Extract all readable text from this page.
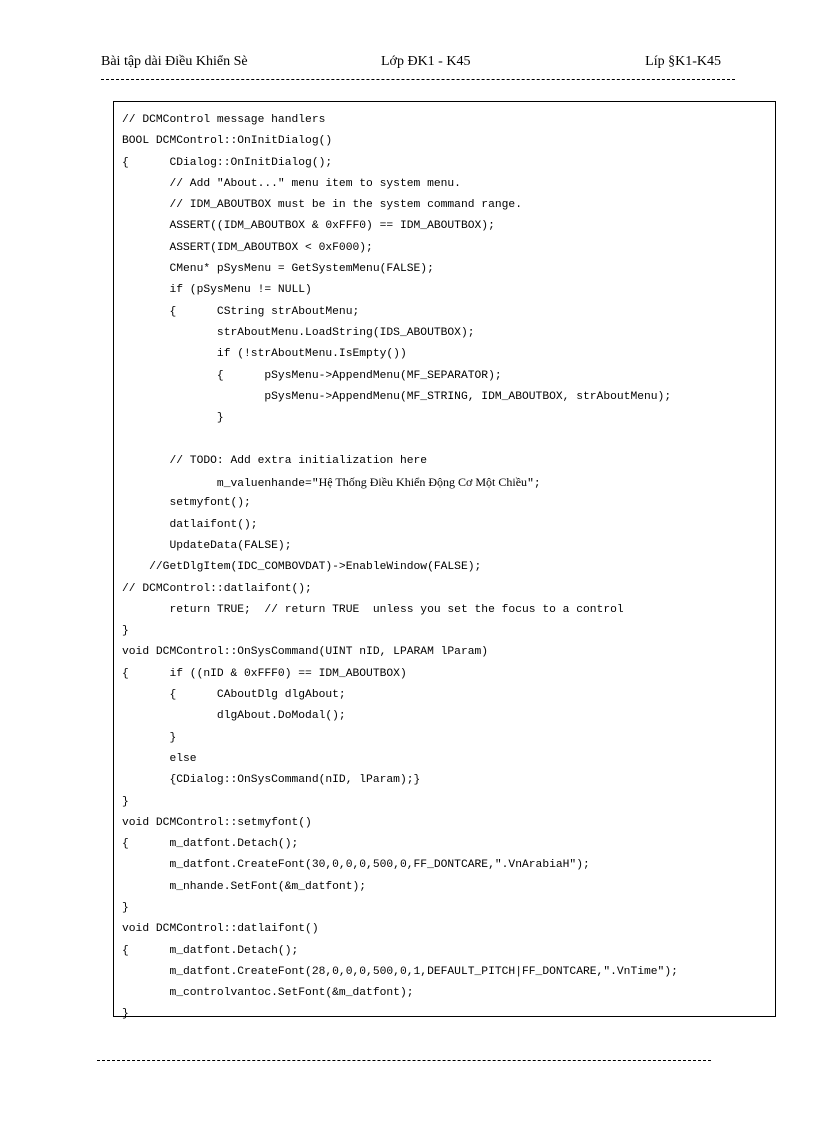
Bài tập dài Điều Khiển Sè	Lớp ĐK1 - K45	Líp §K1-K45
// DCMControl message handlers
BOOL DCMControl::OnInitDialog()
{      CDialog::OnInitDialog();
// Add "About..." menu item to system menu.
// IDM_ABOUTBOX must be in the system command range.
ASSERT((IDM_ABOUTBOX & 0xFFF0) == IDM_ABOUTBOX);
ASSERT(IDM_ABOUTBOX < 0xF000);
CMenu* pSysMenu = GetSystemMenu(FALSE);
if (pSysMenu != NULL)
{      CString strAboutMenu;
strAboutMenu.LoadString(IDS_ABOUTBOX);
if (!strAboutMenu.IsEmpty())
{      pSysMenu->AppendMenu(MF_SEPARATOR);
pSysMenu->AppendMenu(MF_STRING, IDM_ABOUTBOX, strAboutMenu);
}
// TODO: Add extra initialization here
m_valuenhande="Hệ Thống Điều Khiển Động Cơ Một Chiều";
setmyfont();
datlaifont();
UpdateData(FALSE);
//GetDlgItem(IDC_COMBOVDAT)->EnableWindow(FALSE);
// DCMControl::datlaifont();
return TRUE;  // return TRUE  unless you set the focus to a control
}
void DCMControl::OnSysCommand(UINT nID, LPARAM lParam)
{      if ((nID & 0xFFF0) == IDM_ABOUTBOX)
{      CAboutDlg dlgAbout;
dlgAbout.DoModal();
}
else
{CDialog::OnSysCommand(nID, lParam);}
}
void DCMControl::setmyfont()
{      m_datfont.Detach();
m_datfont.CreateFont(30,0,0,0,500,0,FF_DONTCARE,".VnArabiaH");
m_nhande.SetFont(&m_datfont);
}
void DCMControl::datlaifont()
{      m_datfont.Detach();
m_datfont.CreateFont(28,0,0,0,500,0,1,DEFAULT_PITCH|FF_DONTCARE,".VnTime");
m_controlvantoc.SetFont(&m_datfont);
}
